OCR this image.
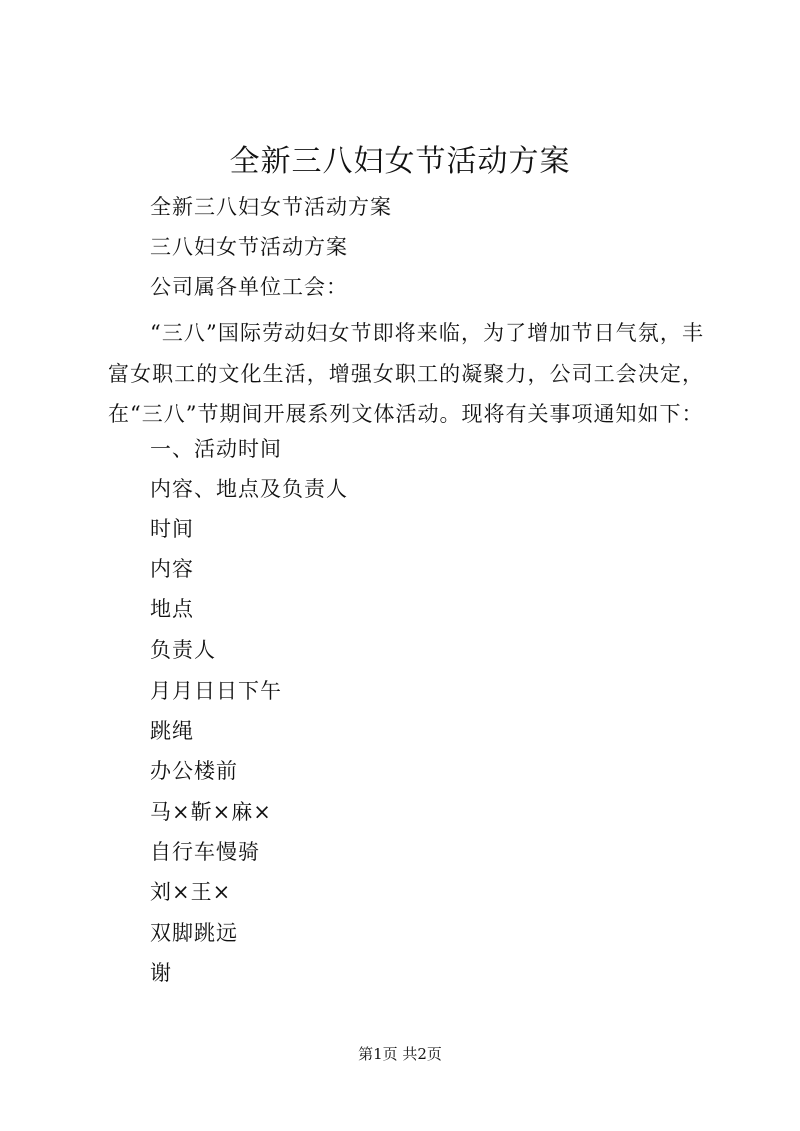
全新三八妇女节活动方案
全新三八妇女节活动方案
三八妇女节活动方案
公司属各单位工会：
“三八”国际劳动妇女节即将来临，为了增加节日气氛，丰富女职工的文化生活，增强女职工的凝聚力，公司工会决定，在“三八”节期间开展系列文体活动。现将有关事项通知如下：
一、活动时间
内容、地点及负责人
时间
内容
地点
负责人
月月日日下午
跳绳
办公楼前
马×靳×麻×
自行车慢骑
刘×王×
双脚跳远
谢
第1页 共2页
